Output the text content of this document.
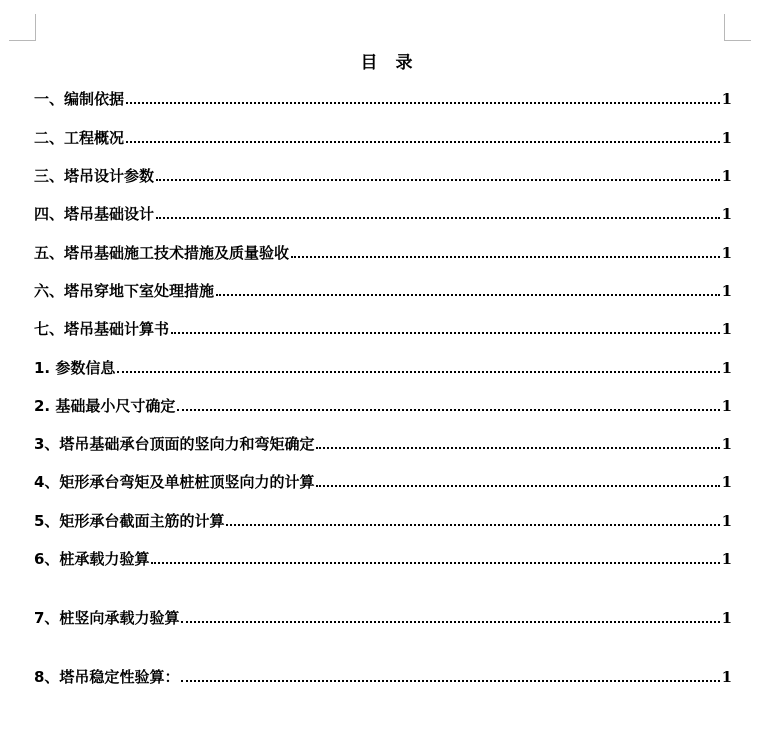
目 录
一、编制依据	1
二、工程概况	1
三、塔吊设计参数	1
四、塔吊基础设计	1
五、塔吊基础施工技术措施及质量验收	1
六、塔吊穿地下室处理措施	1
七、塔吊基础计算书	1
1. 参数信息	1
2. 基础最小尺寸确定	1
3、塔吊基础承台顶面的竖向力和弯矩确定	1
4、矩形承台弯矩及单桩桩顶竖向力的计算	1
5、矩形承台截面主筋的计算	1
6、桩承载力验算	1
7、桩竖向承载力验算	1
8、塔吊稳定性验算：	1
